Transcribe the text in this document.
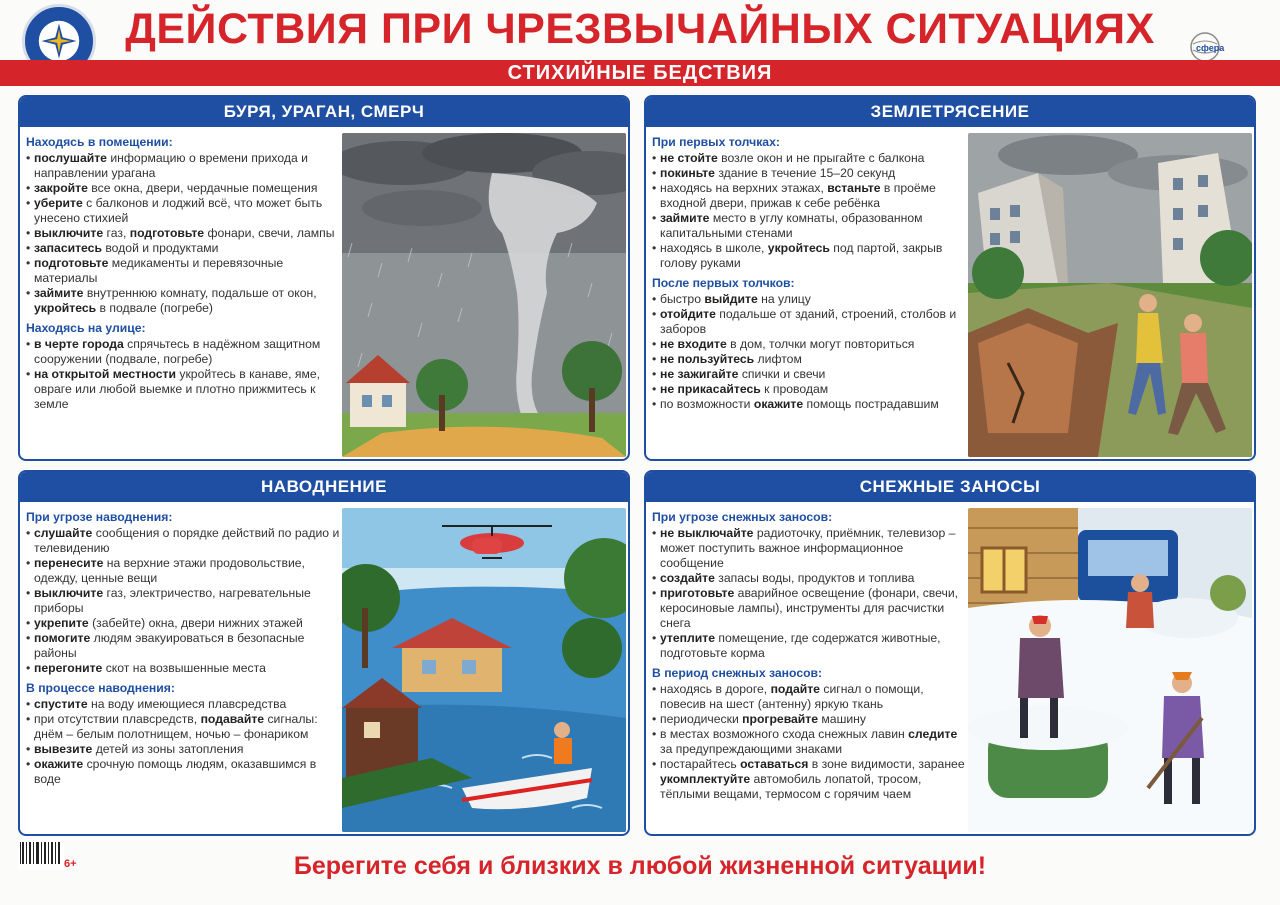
ДЕЙСТВИЯ ПРИ ЧРЕЗВЫЧАЙНЫХ СИТУАЦИЯХ	сфера
СТИХИЙНЫЕ БЕДСТВИЯ
БУРЯ, УРАГАН, СМЕРЧ
Находясь в помещении:
• послушайте информацию о времени прихода и направлении урагана
• закройте все окна, двери, чердачные помещения
• уберите с балконов и лоджий всё, что может быть унесено стихией
• выключите газ, подготовьте фонари, свечи, лампы
• запаситесь водой и продуктами
• подготовьте медикаменты и перевязочные материалы
• займите внутреннюю комнату, подальше от окон, укройтесь в подвале (погребе)
Находясь на улице:
• в черте города спрячьтесь в надёжном защитном сооружении (подвале, погребе)
• на открытой местности укройтесь в канаве, яме, овраге или любой выемке и плотно прижмитесь к земле
ЗЕМЛЕТРЯСЕНИЕ
При первых толчках:
• не стойте возле окон и не прыгайте с балкона
• покиньте здание в течение 15–20 секунд
• находясь на верхних этажах, встаньте в проёме входной двери, прижав к себе ребёнка
• займите место в углу комнаты, образованном капитальными стенами
• находясь в школе, укройтесь под партой, закрыв голову руками
После первых толчков:
• быстро выйдите на улицу
• отойдите подальше от зданий, строений, столбов и заборов
• не входите в дом, толчки могут повториться
• не пользуйтесь лифтом
• не зажигайте спички и свечи
• не прикасайтесь к проводам
• по возможности окажите помощь пострадавшим
НАВОДНЕНИЕ
При угрозе наводнения:
• слушайте сообщения о порядке действий по радио и телевидению
• перенесите на верхние этажи продовольствие, одежду, ценные вещи
• выключите газ, электричество, нагревательные приборы
• укрепите (забейте) окна, двери нижних этажей
• помогите людям эвакуироваться в безопасные районы
• перегоните скот на возвышенные места
В процессе наводнения:
• спустите на воду имеющиеся плавсредства
• при отсутствии плавсредств, подавайте сигналы: днём – белым полотнищем, ночью – фонариком
• вывезите детей из зоны затопления
• окажите срочную помощь людям, оказавшимся в воде
СНЕЖНЫЕ ЗАНОСЫ
При угрозе снежных заносов:
• не выключайте радиоточку, приёмник, телевизор – может поступить важное информационное сообщение
• создайте запасы воды, продуктов и топлива
• приготовьте аварийное освещение (фонари, свечи, керосиновые лампы), инструменты для расчистки снега
• утеплите помещение, где содержатся животные, подготовьте корма
В период снежных заносов:
• находясь в дороге, подайте сигнал о помощи, повесив на шест (антенну) яркую ткань
• периодически прогревайте машину
• в местах возможного схода снежных лавин следите за предупреждающими знаками
• постарайтесь оставаться в зоне видимости, заранее укомплектуйте автомобиль лопатой, тросом, тёплыми вещами, термосом с горячим чаем
6+	Берегите себя и близких в любой жизненной ситуации!
